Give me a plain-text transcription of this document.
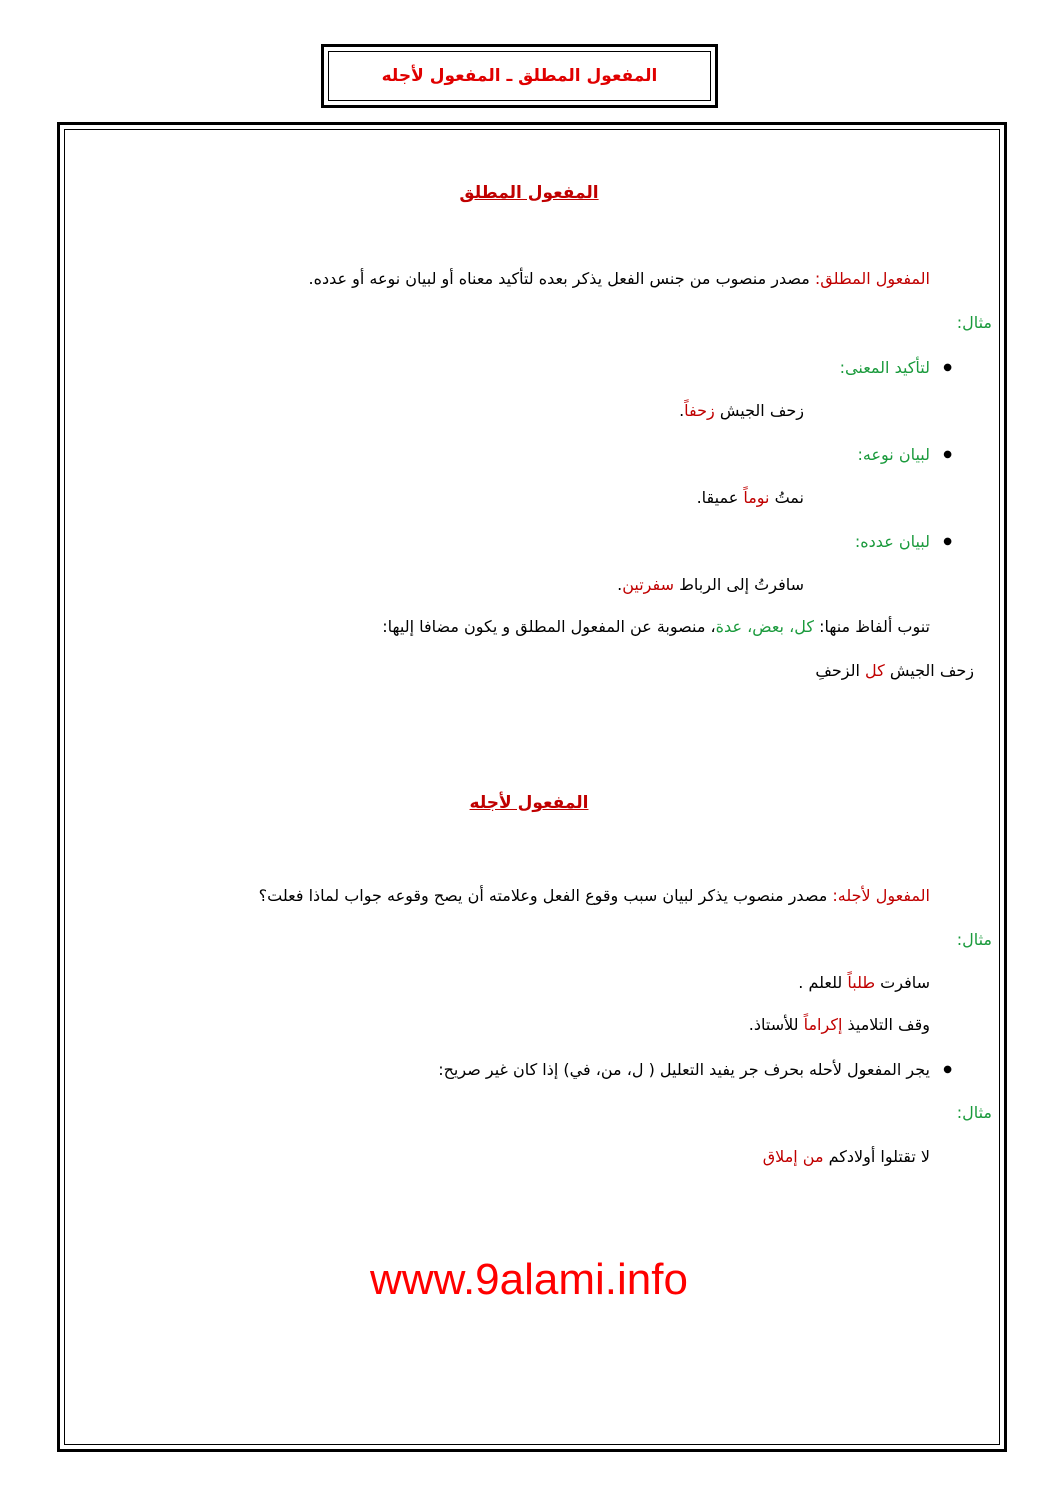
المفعول المطلق ـ المفعول لأجله
المفعول المطلق
المفعول المطلق: مصدر منصوب من جنس الفعل يذكر بعده لتأكيد معناه أو لبيان نوعه أو عدده.
مثال:
● لتأكيد المعنى:
زحف الجيش زحفاً.
● لبيان نوعه:
نمتُ نوماً عميقا.
● لبيان عدده:
سافرتُ إلى الرباط سفرتين.
تنوب ألفاظ منها: كل، بعض، عدة، منصوبة عن المفعول المطلق و يكون مضافا إليها:
زحف الجيش كل الزحفِ
المفعول لأجله
المفعول لأجله: مصدر منصوب يذكر لبيان سبب وقوع الفعل وعلامته أن يصح وقوعه جواب لماذا فعلت؟
مثال:
سافرت طلباً للعلم .
وقف التلاميذ إكراماً للأستاذ.
● يجر المفعول لأحله بحرف جر يفيد التعليل ( ل، من، في) إذا كان غير صريح:
مثال:
لا تقتلوا أولادكم من إملاق
www.9alami.info
